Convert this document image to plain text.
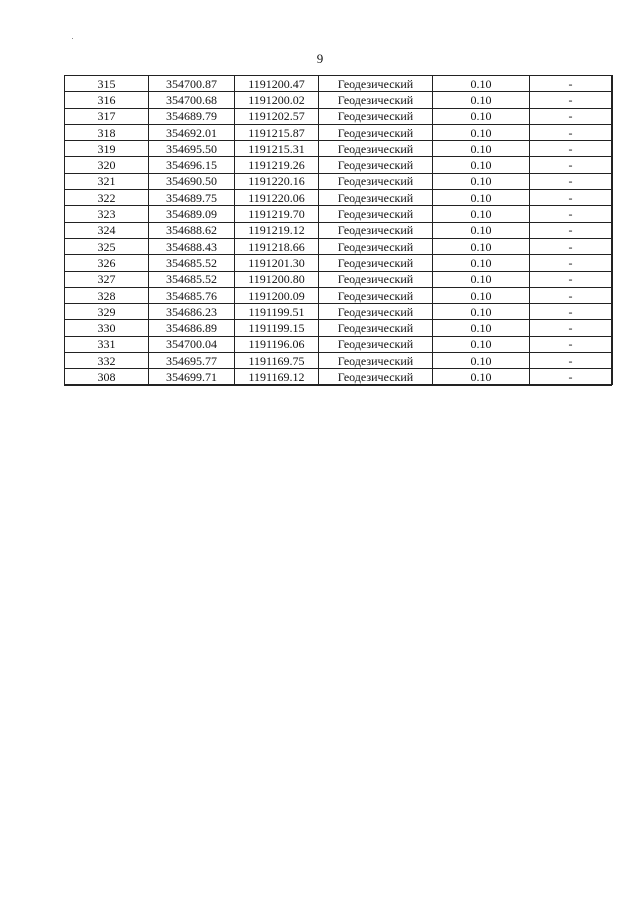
9
315	354700.87	1191200.47	Геодезический	0.10	-
316	354700.68	1191200.02	Геодезический	0.10	-
317	354689.79	1191202.57	Геодезический	0.10	-
318	354692.01	1191215.87	Геодезический	0.10	-
319	354695.50	1191215.31	Геодезический	0.10	-
320	354696.15	1191219.26	Геодезический	0.10	-
321	354690.50	1191220.16	Геодезический	0.10	-
322	354689.75	1191220.06	Геодезический	0.10	-
323	354689.09	1191219.70	Геодезический	0.10	-
324	354688.62	1191219.12	Геодезический	0.10	-
325	354688.43	1191218.66	Геодезический	0.10	-
326	354685.52	1191201.30	Геодезический	0.10	-
327	354685.52	1191200.80	Геодезический	0.10	-
328	354685.76	1191200.09	Геодезический	0.10	-
329	354686.23	1191199.51	Геодезический	0.10	-
330	354686.89	1191199.15	Геодезический	0.10	-
331	354700.04	1191196.06	Геодезический	0.10	-
332	354695.77	1191169.75	Геодезический	0.10	-
308	354699.71	1191169.12	Геодезический	0.10	-
